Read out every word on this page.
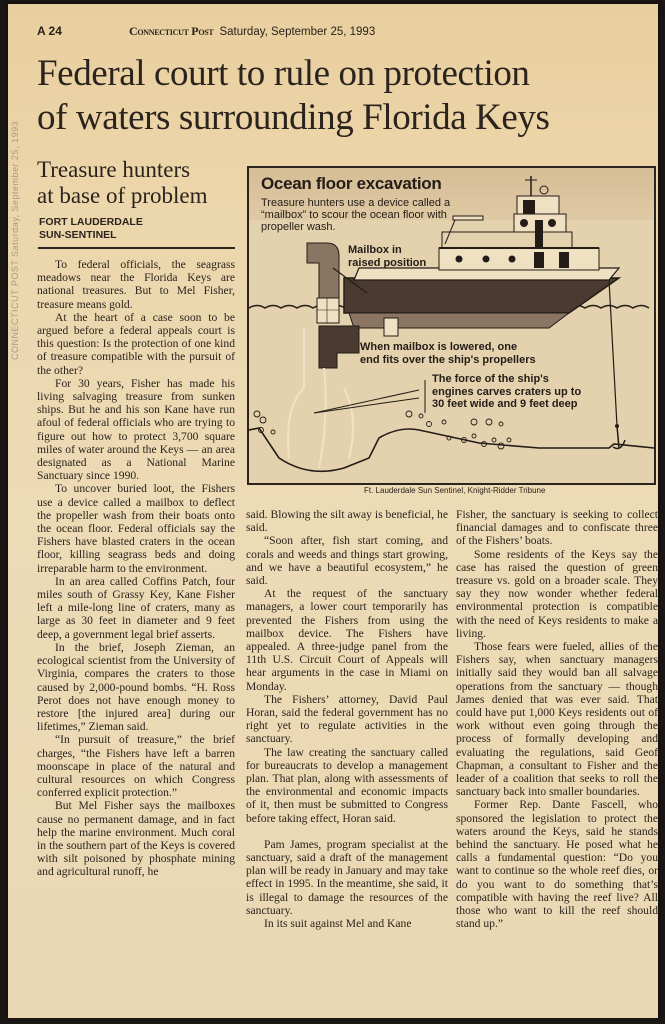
CONNECTICUT POST Saturday, September 25, 1993
A 24	Connecticut Post Saturday, September 25, 1993
Federal court to rule on protection
of waters surrounding Florida Keys
Treasure hunters
at base of problem
FORT LAUDERDALE
SUN-SENTINEL

To federal officials, the seagrass meadows near the Florida Keys are national treasures. But to Mel Fisher, treasure means gold.

At the heart of a case soon to be argued before a federal appeals court is this question: Is the protection of one kind of treasure compatible with the pursuit of the other?

For 30 years, Fisher has made his living salvaging treasure from sunken ships. But he and his son Kane have run afoul of federal officials who are trying to figure out how to protect 3,700 square miles of water around the Keys — an area designated as a National Marine Sanctuary since 1990.

To uncover buried loot, the Fishers use a device called a mailbox to deflect the propeller wash from their boats onto the ocean floor. Federal officials say the Fishers have blasted craters in the ocean floor, killing seagrass beds and doing irreparable harm to the environment.

In an area called Coffins Patch, four miles south of Grassy Key, Kane Fisher left a mile-long line of craters, many as large as 30 feet in diameter and 9 feet deep, a government legal brief asserts.

In the brief, Joseph Zieman, an ecological scientist from the University of Virginia, compares the craters to those caused by 2,000-pound bombs. “H. Ross Perot does not have enough money to restore [the injured area] during our lifetimes,” Zieman said.

“In pursuit of treasure,” the brief charges, “the Fishers have left a barren moonscape in place of the natural and cultural resources on which Congress conferred explicit protection.”

But Mel Fisher says the mailboxes cause no permanent damage, and in fact help the marine environment. Much coral in the southern part of the Keys is covered with silt poisoned by phosphate mining and agricultural runoff, he

said. Blowing the silt away is beneficial, he said.

“Soon after, fish start coming, and corals and weeds and things start growing, and we have a beautiful ecosystem,” he said.

At the request of the sanctuary managers, a lower court temporarily has prevented the Fishers from using the mailbox device. The Fishers have appealed. A three-judge panel from the 11th U.S. Circuit Court of Appeals will hear arguments in the case in Miami on Monday.

The Fishers’ attorney, David Paul Horan, said the federal government has no right yet to regulate activities in the sanctuary.

The law creating the sanctuary called for bureaucrats to develop a management plan. That plan, along with assessments of the environmental and economic impacts of it, then must be submitted to Congress before taking effect, Horan said.

Pam James, program specialist at the sanctuary, said a draft of the management plan will be ready in January and may take effect in 1995. In the meantime, she said, it is illegal to damage the resources of the sanctuary.

In its suit against Mel and Kane

Fisher, the sanctuary is seeking to collect financial damages and to confiscate three of the Fishers’ boats.

Some residents of the Keys say the case has raised the question of green treasure vs. gold on a broader scale. They say they now wonder whether federal environmental protection is compatible with the need of Keys residents to make a living.

Those fears were fueled, allies of the Fishers say, when sanctuary managers initially said they would ban all salvage operations from the sanctuary — though James denied that was ever said. That could have put 1,000 Keys residents out of work without even going through the process of formally developing and evaluating the regulations, said Geof Chapman, a consultant to Fisher and the leader of a coalition that seeks to roll the sanctuary back into smaller boundaries.

Former Rep. Dante Fascell, who sponsored the legislation to protect the waters around the Keys, said he stands behind the sanctuary. He posed what he calls a fundamental question: “Do you want to continue so the whole reef dies, or do you want to do something that’s compatible with having the reef live? All those who want to kill the reef should stand up.”

Ocean floor excavation
Treasure hunters use a device called a “mailbox” to scour the ocean floor with propeller wash.
Mailbox in
raised position
When mailbox is lowered, one
end fits over the ship's propellers
The force of the ship's
engines carves craters up to
30 feet wide and 9 feet deep
Ft. Lauderdale Sun Sentinel, Knight-Ridder Tribune
